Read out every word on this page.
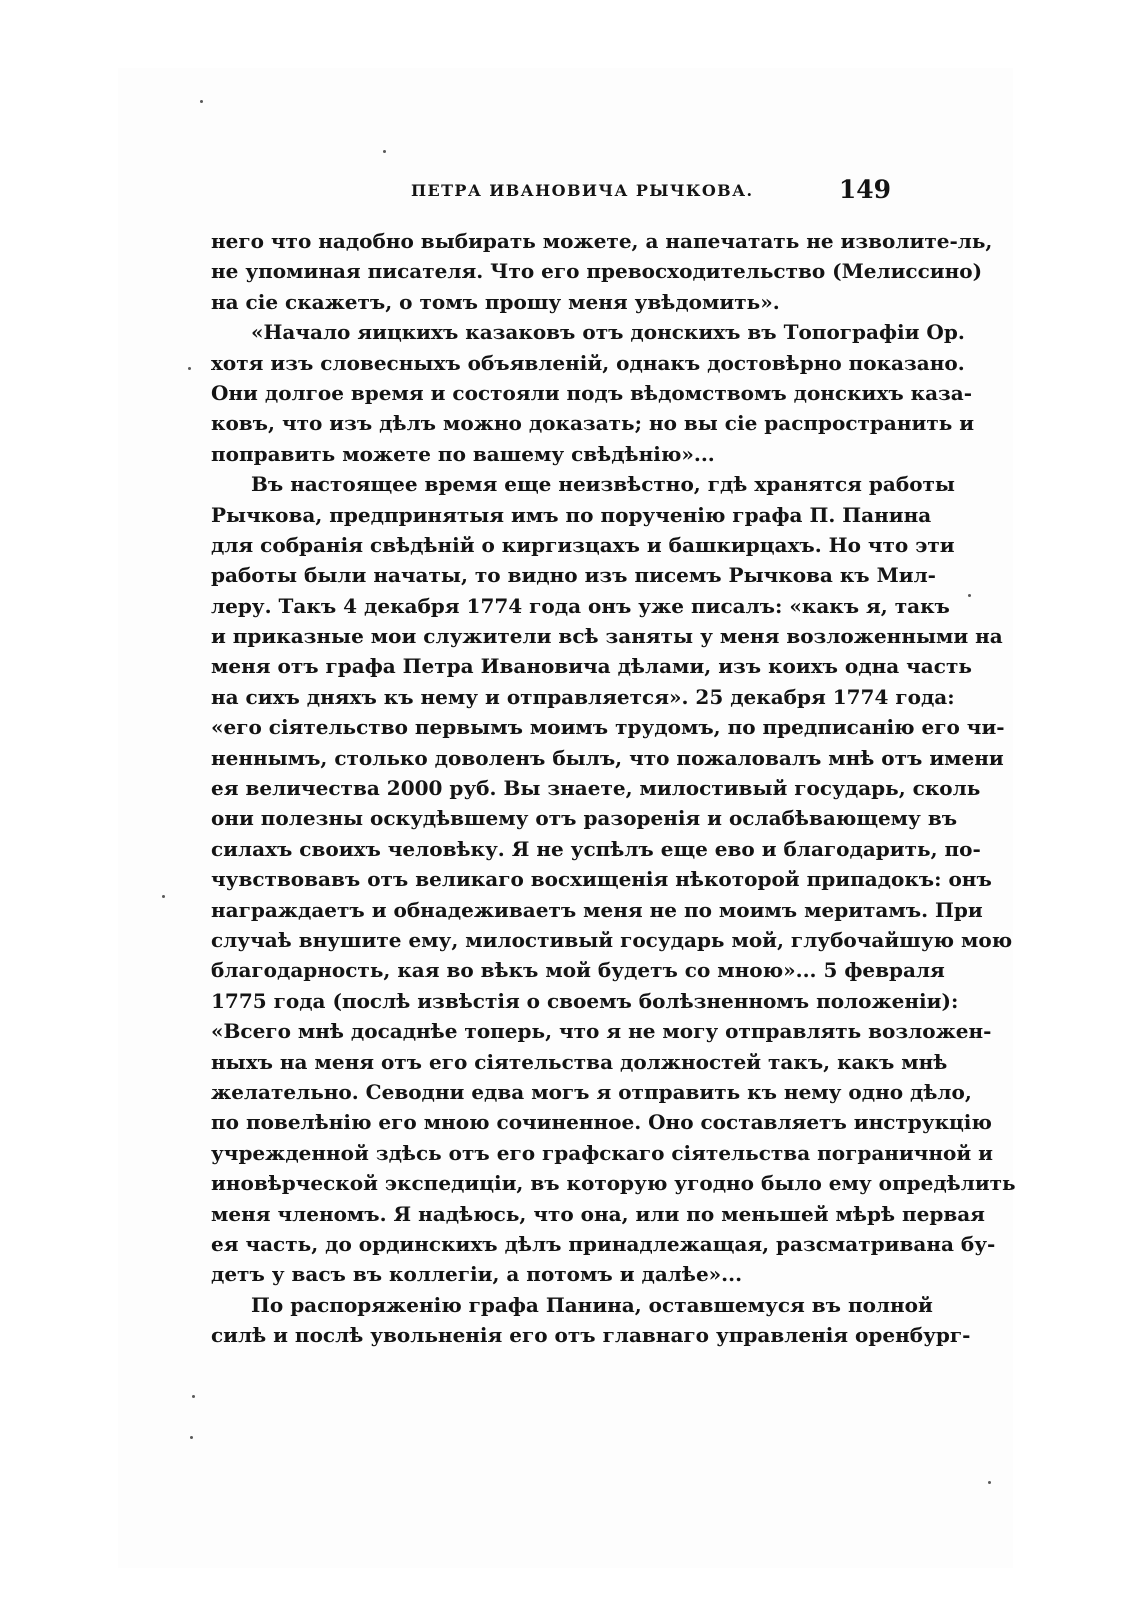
ПЕТРА ИВАНОВИЧА РЫЧКОВА.	149
него что надобно выбирать можете, а напечатать не изволите-ль,
не упоминая писателя. Что его превосходительство (Мелиссино)
на сіе скажетъ, о томъ прошу меня увѣдомить».
«Начало яицкихъ казаковъ отъ донскихъ въ Топографіи Ор.
хотя изъ словесныхъ объявленій, однакъ достовѣрно показано.
Они долгое время и состояли подъ вѣдомствомъ донскихъ каза-
ковъ, что изъ дѣлъ можно доказать; но вы сіе распространить и
поправить можете по вашему свѣдѣнію»...
Въ настоящее время еще неизвѣстно, гдѣ хранятся работы
Рычкова, предпринятыя имъ по порученію графа П. Панина
для собранія свѣдѣній о киргизцахъ и башкирцахъ. Но что эти
работы были начаты, то видно изъ писемъ Рычкова къ Мил-
леру. Такъ 4 декабря 1774 года онъ уже писалъ: «какъ я, такъ
и приказные мои служители всѣ заняты у меня возложенными на
меня отъ графа Петра Ивановича дѣлами, изъ коихъ одна часть
на сихъ дняхъ къ нему и отправляется». 25 декабря 1774 года:
«его сіятельство первымъ моимъ трудомъ, по предписанію его чи-
неннымъ, столько доволенъ былъ, что пожаловалъ мнѣ отъ имени
ея величества 2000 руб. Вы знаете, милостивый государь, сколь
они полезны оскудѣвшему отъ разоренія и ослабѣвающему въ
силахъ своихъ человѣку. Я не успѣлъ еще ево и благодарить, по-
чувствовавъ отъ великаго восхищенія нѣкоторой припадокъ: онъ
награждаетъ и обнадеживаетъ меня не по моимъ меритамъ. При
случаѣ внушите ему, милостивый государь мой, глубочайшую мою
благодарность, кая во вѣкъ мой будетъ со мною»... 5 февраля
1775 года (послѣ извѣстія о своемъ болѣзненномъ положеніи):
«Всего мнѣ досаднѣе топерь, что я не могу отправлять возложен-
ныхъ на меня отъ его сіятельства должностей такъ, какъ мнѣ
желательно. Севодни едва могъ я отправить къ нему одно дѣло,
по повелѣнію его мною сочиненное. Оно составляетъ инструкцію
учрежденной здѣсь отъ его графскаго сіятельства пограничной и
иновѣрческой экспедиціи, въ которую угодно было ему опредѣлить
меня членомъ. Я надѣюсь, что она, или по меньшей мѣрѣ первая
ея часть, до ординскихъ дѣлъ принадлежащая, разсматривана бу-
детъ у васъ въ коллегіи, а потомъ и далѣе»...
По распоряженію графа Панина, оставшемуся въ полной
силѣ и послѣ увольненія его отъ главнаго управленія оренбург-
